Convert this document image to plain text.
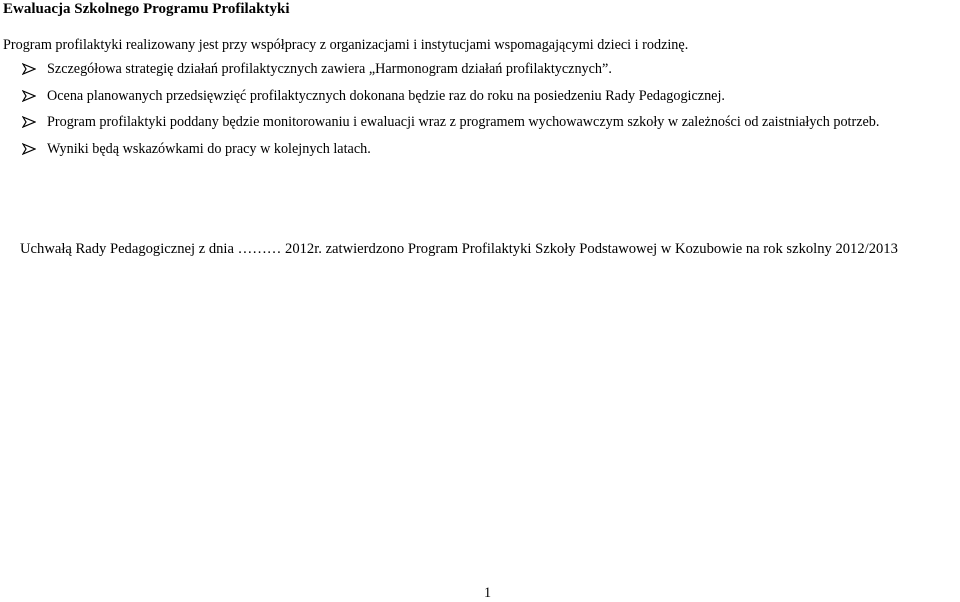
Ewaluacja Szkolnego Programu Profilaktyki
Program profilaktyki realizowany jest przy współpracy z organizacjami i instytucjami wspomagającymi dzieci i rodzinę.
Szczegółowa strategię działań profilaktycznych zawiera „Harmonogram działań profilaktycznych”.
Ocena planowanych przedsięwzięć profilaktycznych dokonana będzie raz do roku na posiedzeniu Rady Pedagogicznej.
Program profilaktyki poddany będzie monitorowaniu i ewaluacji wraz z programem wychowawczym szkoły w zależności od zaistniałych potrzeb.
Wyniki będą wskazówkami do pracy w kolejnych latach.
Uchwałą Rady Pedagogicznej z dnia ……… 2012r. zatwierdzono Program Profilaktyki Szkoły Podstawowej w Kozubowie na rok szkolny 2012/2013
1
